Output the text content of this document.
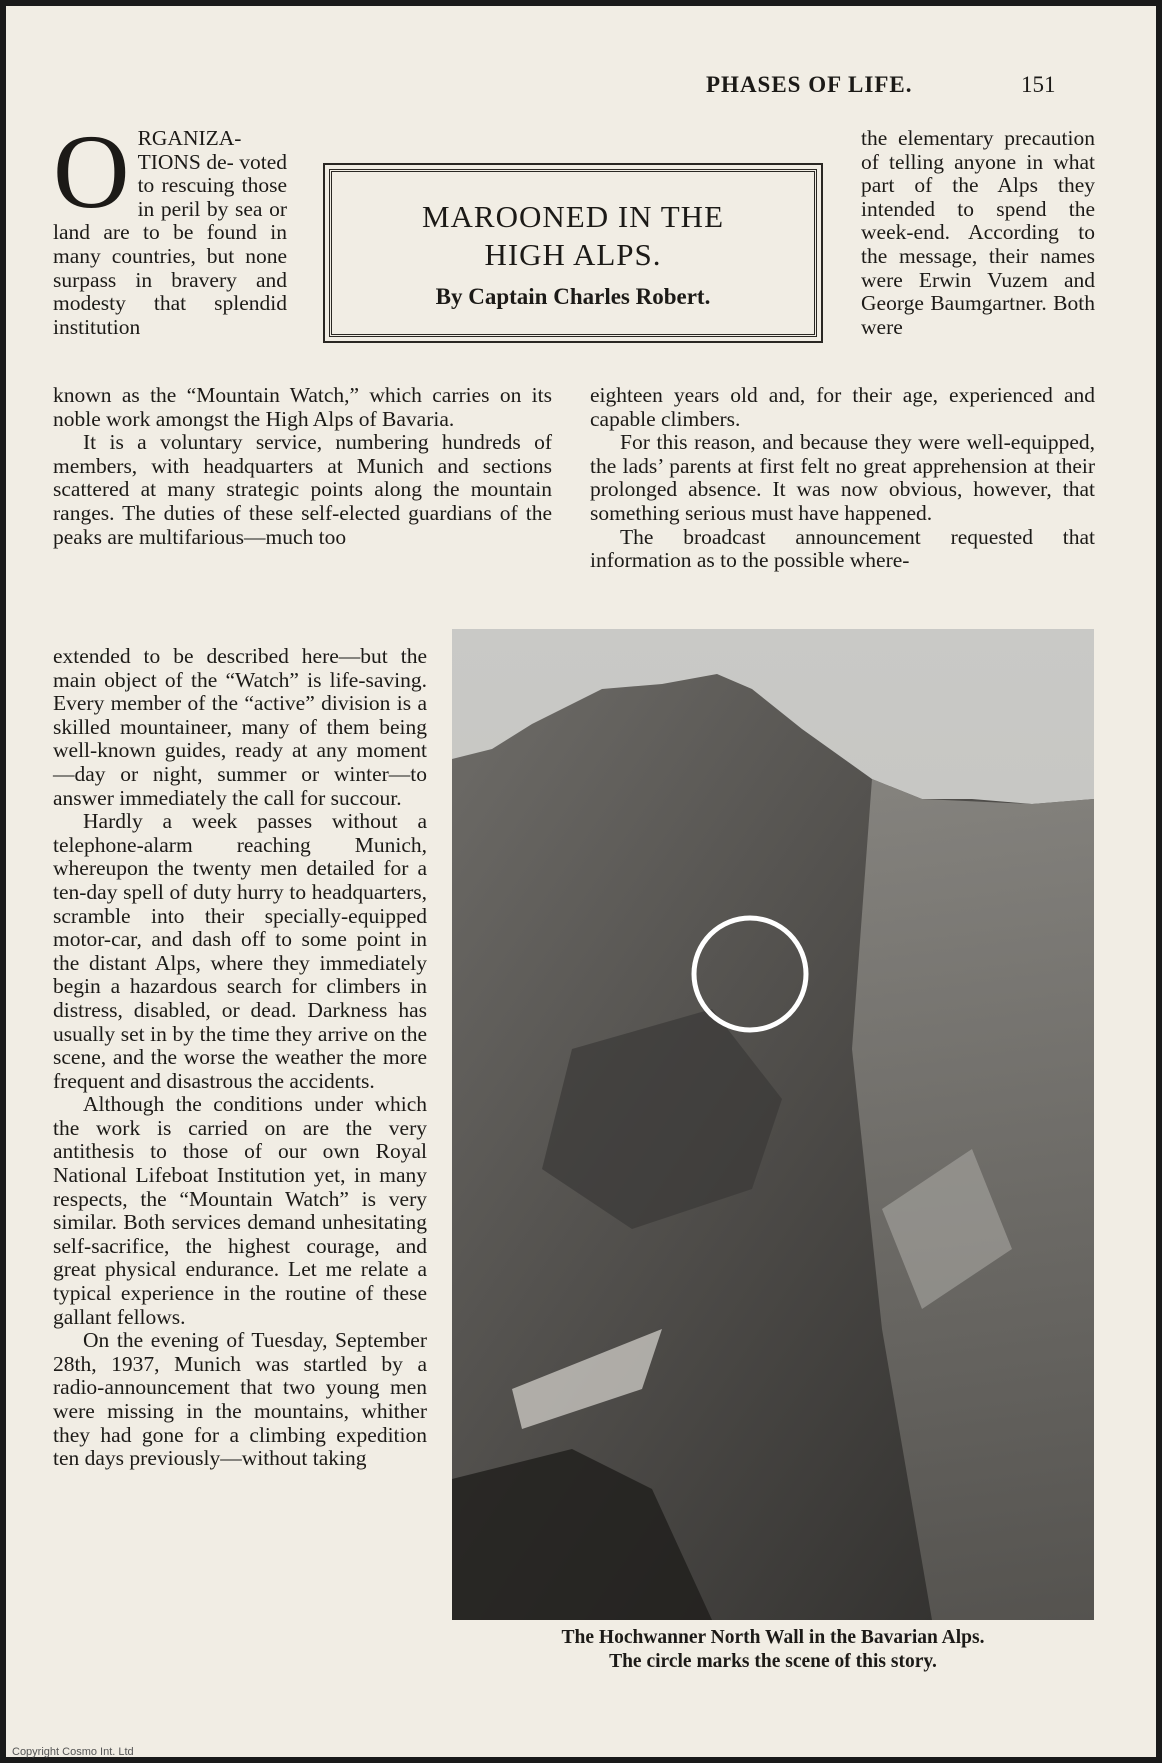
PHASES OF LIFE.	151
O RGANIZA- TIONS de- voted to rescuing those in peril by sea or land are to be found in many countries, but none surpass in bravery and modesty that splendid institution
MAROONED IN THE
HIGH ALPS.
By Captain Charles Robert.

the elementary precaution of telling anyone in what part of the Alps they intended to spend the week-end. According to the message, their names were Erwin Vuzem and George Baumgartner. Both were

known as the “Mountain Watch,” which carries on its noble work amongst the High Alps of Bavaria.

It is a voluntary service, numbering hundreds of members, with headquarters at Munich and sections scattered at many strategic points along the mountain ranges. The duties of these self-elected guardians of the peaks are multifarious—much too

eighteen years old and, for their age, experienced and capable climbers.

For this reason, and because they were well-equipped, the lads’ parents at first felt no great apprehension at their prolonged absence. It was now obvious, however, that something serious must have happened.

The broadcast announcement requested that information as to the possible where-

extended to be described here—but the main object of the “Watch” is life-saving. Every member of the “active” division is a skilled mountaineer, many of them being well-known guides, ready at any moment—day or night, summer or winter—to answer immediately the call for succour.

Hardly a week passes without a telephone-alarm reaching Munich, whereupon the twenty men detailed for a ten-day spell of duty hurry to headquarters, scramble into their specially-equipped motor-car, and dash off to some point in the distant Alps, where they immediately begin a hazardous search for climbers in distress, disabled, or dead. Darkness has usually set in by the time they arrive on the scene, and the worse the weather the more frequent and disastrous the accidents.

Although the conditions under which the work is carried on are the very antithesis to those of our own Royal National Lifeboat Institution yet, in many respects, the “Mountain Watch” is very similar. Both services demand unhesitating self-sacrifice, the highest courage, and great physical endurance. Let me relate a typical experience in the routine of these gallant fellows.

On the evening of Tuesday, September 28th, 1937, Munich was startled by a radio-announcement that two young men were missing in the mountains, whither they had gone for a climbing expedition ten days previously—without taking

The Hochwanner North Wall in the Bavarian Alps.
The circle marks the scene of this story.
Copyright Cosmo Int. Ltd
